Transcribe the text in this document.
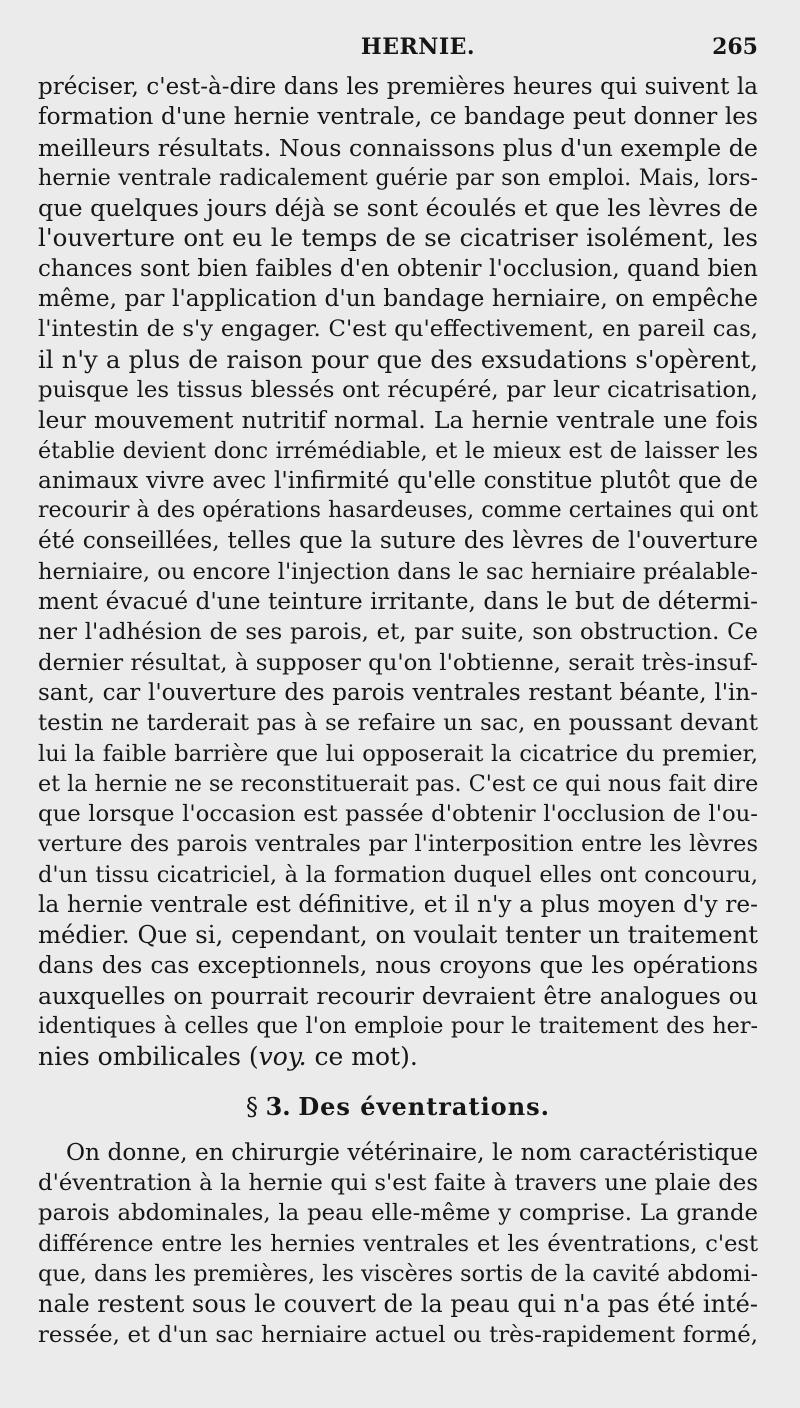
HERNIE.	265
préciser, c'est-à-dire dans les premières heures qui suivent la
formation d'une hernie ventrale, ce bandage peut donner les
meilleurs résultats. Nous connaissons plus d'un exemple de
hernie ventrale radicalement guérie par son emploi. Mais, lors-
que quelques jours déjà se sont écoulés et que les lèvres de
l'ouverture ont eu le temps de se cicatriser isolément, les
chances sont bien faibles d'en obtenir l'occlusion, quand bien
même, par l'application d'un bandage herniaire, on empêche
l'intestin de s'y engager. C'est qu'effectivement, en pareil cas,
il n'y a plus de raison pour que des exsudations s'opèrent,
puisque les tissus blessés ont récupéré, par leur cicatrisation,
leur mouvement nutritif normal. La hernie ventrale une fois
établie devient donc irrémédiable, et le mieux est de laisser les
animaux vivre avec l'infirmité qu'elle constitue plutôt que de
recourir à des opérations hasardeuses, comme certaines qui ont
été conseillées, telles que la suture des lèvres de l'ouverture
herniaire, ou encore l'injection dans le sac herniaire préalable-
ment évacué d'une teinture irritante, dans le but de détermi-
ner l'adhésion de ses parois, et, par suite, son obstruction. Ce
dernier résultat, à supposer qu'on l'obtienne, serait très-insuf-
sant, car l'ouverture des parois ventrales restant béante, l'in-
testin ne tarderait pas à se refaire un sac, en poussant devant
lui la faible barrière que lui opposerait la cicatrice du premier,
et la hernie ne se reconstituerait pas. C'est ce qui nous fait dire
que lorsque l'occasion est passée d'obtenir l'occlusion de l'ou-
verture des parois ventrales par l'interposition entre les lèvres
d'un tissu cicatriciel, à la formation duquel elles ont concouru,
la hernie ventrale est définitive, et il n'y a plus moyen d'y re-
médier. Que si, cependant, on voulait tenter un traitement
dans des cas exceptionnels, nous croyons que les opérations
auxquelles on pourrait recourir devraient être analogues ou
identiques à celles que l'on emploie pour le traitement des her-
nies ombilicales (voy. ce mot).
§ 3. Des éventrations.
On donne, en chirurgie vétérinaire, le nom caractéristique
d'éventration à la hernie qui s'est faite à travers une plaie des
parois abdominales, la peau elle-même y comprise. La grande
différence entre les hernies ventrales et les éventrations, c'est
que, dans les premières, les viscères sortis de la cavité abdomi-
nale restent sous le couvert de la peau qui n'a pas été inté-
ressée, et d'un sac herniaire actuel ou très-rapidement formé,
